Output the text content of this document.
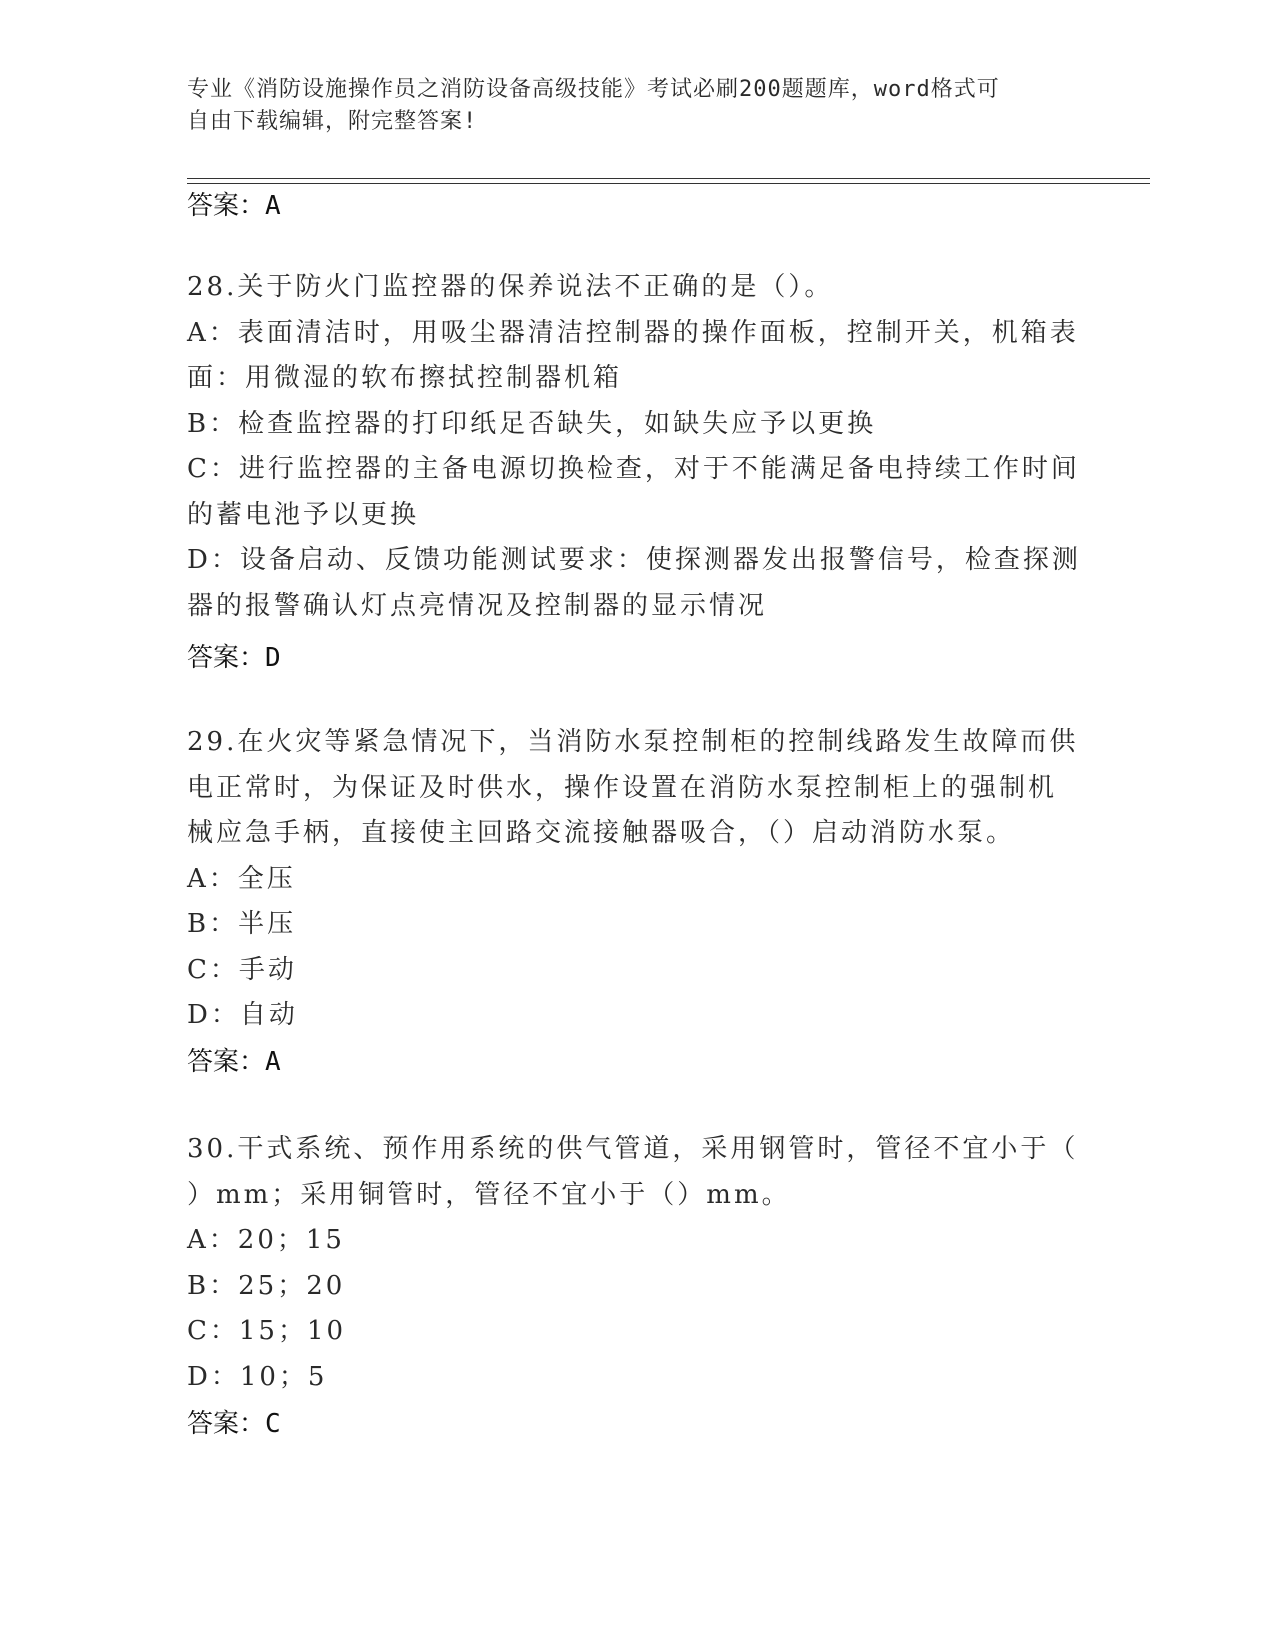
专业《消防设施操作员之消防设备高级技能》考试必刷200题题库，word格式可
自由下载编辑，附完整答案!
答案：A
28.关于防火门监控器的保养说法不正确的是（）。
A：表面清洁时，用吸尘器清洁控制器的操作面板，控制开关，机箱表
面：用微湿的软布擦拭控制器机箱
B：检查监控器的打印纸足否缺失，如缺失应予以更换
C：进行监控器的主备电源切换检查，对于不能满足备电持续工作时间
的蓄电池予以更换
D：设备启动、反馈功能测试要求：使探测器发出报警信号，检查探测
器的报警确认灯点亮情况及控制器的显示情况
答案：D
29.在火灾等紧急情况下，当消防水泵控制柜的控制线路发生故障而供
电正常时，为保证及时供水，操作设置在消防水泵控制柜上的强制机
械应急手柄，直接使主回路交流接触器吸合，（）启动消防水泵。
A：全压
B：半压
C：手动
D：自动
答案：A
30.干式系统、预作用系统的供气管道，采用钢管时，管径不宜小于（
）mm；采用铜管时，管径不宜小于（）mm。
A：20；15
B：25；20
C：15；10
D：10；5
答案：C
